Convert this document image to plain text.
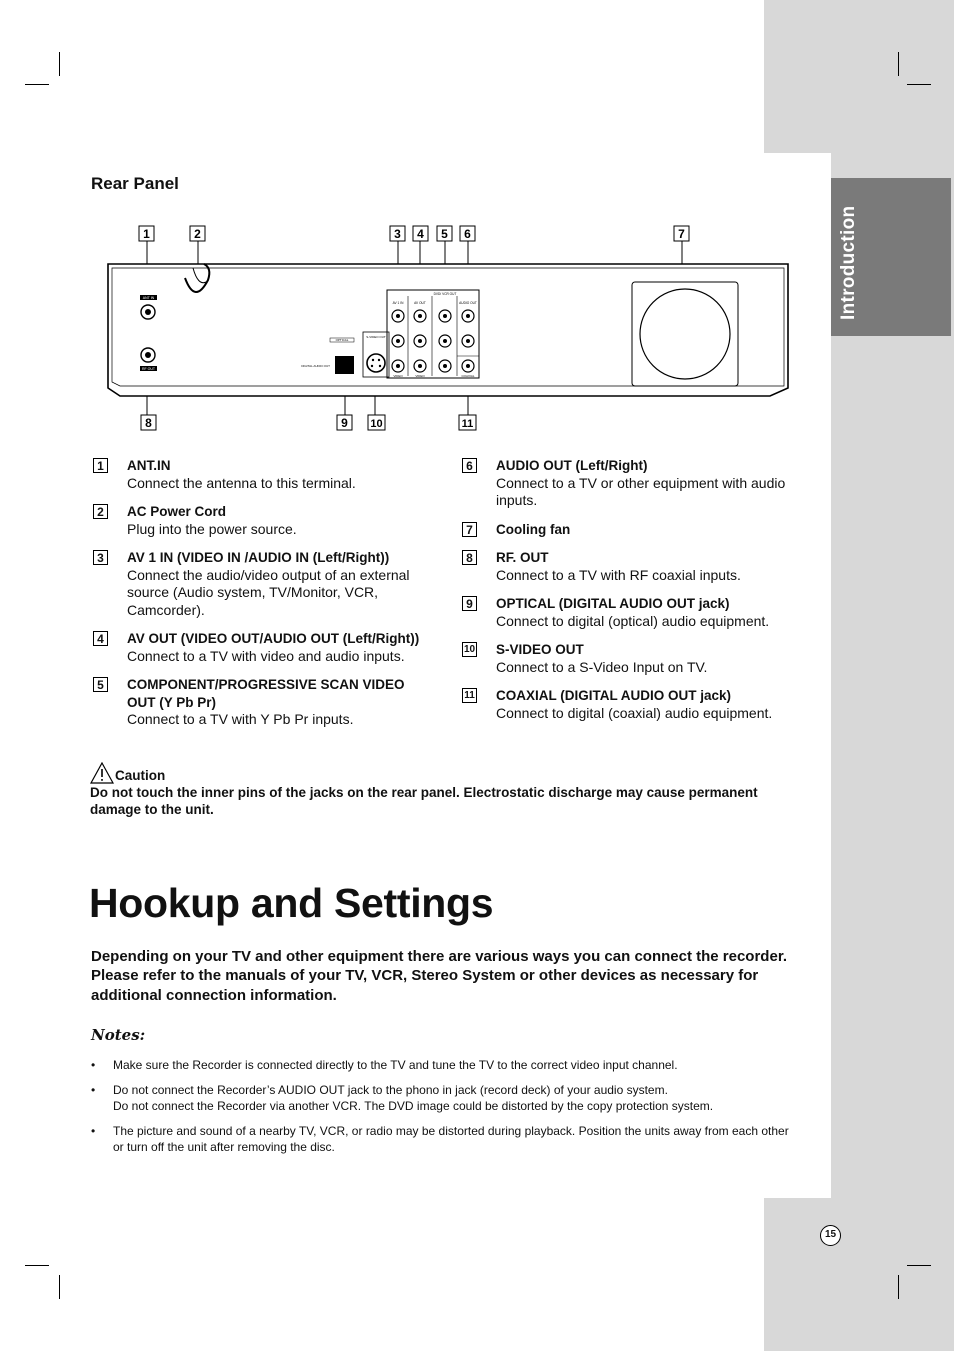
Introduction
Rear Panel
ANT IN
RF OUT
OPTICAL
DIGITAL AUDIO OUT
S-VIDEO OUT
AV 1 IN	AV OUT
DVD/ VCR OUT
AUDIO OUT
VIDEO	VIDEO	COAXIAL
1	2	3 4 5 6	7
8	9 10	11
1	ANT.IN
Connect the antenna to this terminal.
2	AC Power Cord
Plug into the power source.
3	AV 1 IN (VIDEO IN /AUDIO IN (Left/Right))
Connect the audio/video output of an external source (Audio system, TV/Monitor, VCR, Camcorder).
4	AV OUT (VIDEO OUT/AUDIO OUT (Left/Right))
Connect to a TV with video and audio inputs.
5	COMPONENT/PROGRESSIVE SCAN VIDEO OUT (Y Pb Pr)
Connect to a TV with Y Pb Pr inputs.
6	AUDIO OUT (Left/Right)
Connect to a TV or other equipment with audio inputs.
7	Cooling fan
8	RF. OUT
Connect to a TV with RF coaxial inputs.
9	OPTICAL (DIGITAL AUDIO OUT jack)
Connect to digital (optical) audio equipment.
10 S-VIDEO OUT
Connect to a S-Video Input on TV.
11 COAXIAL (DIGITAL AUDIO OUT jack)
Connect to digital (coaxial) audio equipment.
Caution
Do not touch the inner pins of the jacks on the rear panel. Electrostatic discharge may cause permanent damage to the unit.
Hookup and Settings
Depending on your TV and other equipment there are various ways you can connect the recorder. Please refer to the manuals of your TV, VCR, Stereo System or other devices as necessary for additional connection information.
Notes:
• Make sure the Recorder is connected directly to the TV and tune the TV to the correct video input channel.
• Do not connect the Recorder’s AUDIO OUT jack to the phono in jack (record deck) of your audio system.
Do not connect the Recorder via another VCR. The DVD image could be distorted by the copy protection system.
• The picture and sound of a nearby TV, VCR, or radio may be distorted during playback. Position the units away from each other or turn off the unit after removing the disc.
15
